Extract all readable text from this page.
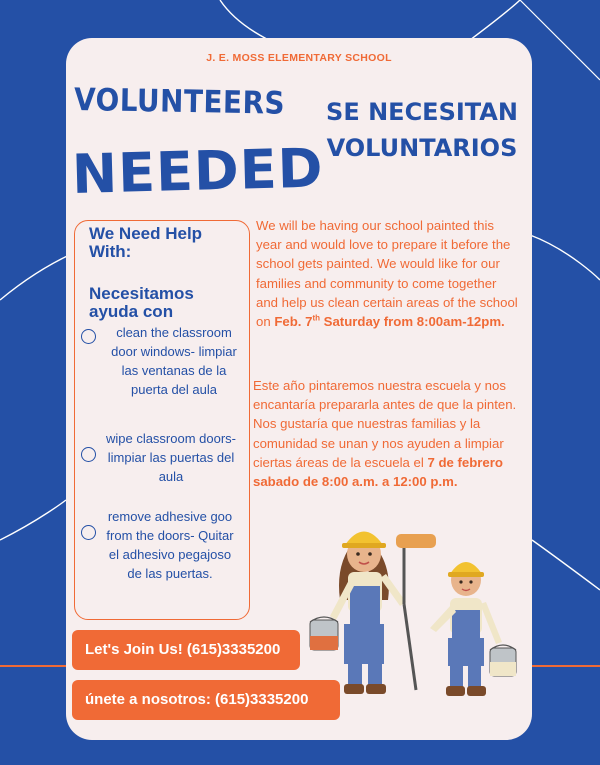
J. E. MOSS ELEMENTARY SCHOOL
VOLUNTEERS
NEEDED
SE NECESITAN
VOLUNTARIOS
We Need Help With:
Necesitamos ayuda con
clean the classroom door windows- limpiar las ventanas de la puerta del aula
wipe classroom doors- limpiar las puertas del aula
remove adhesive goo from the doors- Quitar el adhesivo pegajoso de las puertas.
We will be having our school painted this year and would love to prepare it before the school gets painted. We would like for our families and community to come together and help us clean certain areas of the school on Feb. 7th Saturday from 8:00am-12pm.
Este año pintaremos nuestra escuela y nos encantaría prepararla antes de que la pinten. Nos gustaría que nuestras familias y la comunidad se unan y nos ayuden a limpiar ciertas áreas de la escuela el 7 de febrero sabado de 8:00 a.m. a 12:00 p.m.
Let's Join Us! (615)3335200
únete a nosotros: (615)3335200
